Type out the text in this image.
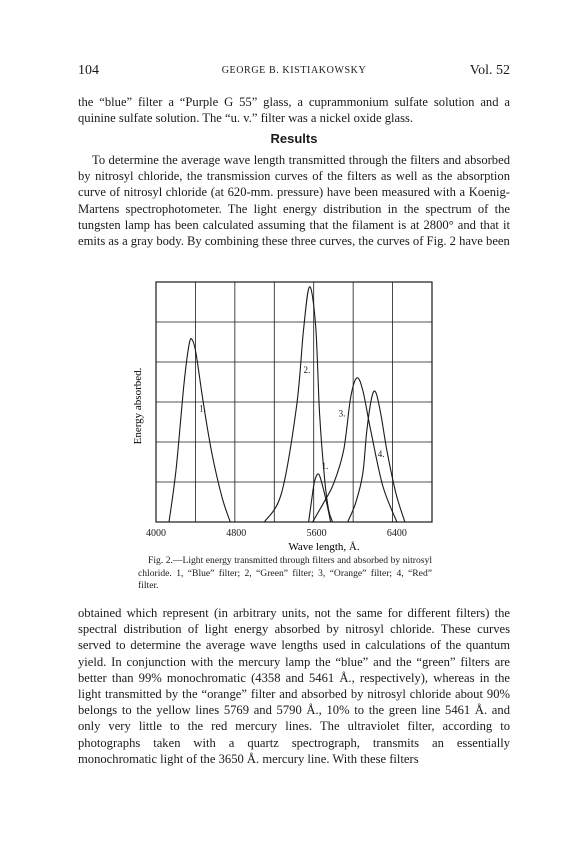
104	GEORGE B. KISTIAKOWSKY	Vol. 52

the “blue” filter a “Purple G 55” glass, a cuprammonium sulfate solution and a quinine sulfate solution. The “u. v.” filter was a nickel oxide glass.

Results

To determine the average wave length transmitted through the filters and absorbed by nitrosyl chloride, the transmission curves of the filters as well as the absorption curve of nitrosyl chloride (at 620-mm. pressure) have been measured with a Koenig-Martens spectrophotometer. The light energy distribution in the spectrum of the tungsten lamp has been calculated assuming that the filament is at 2800° and that it emits as a gray body. By combining these three curves, the curves of Fig. 2 have been

4000	4800	5600	6400
1.
2.
3.
4.
1.
Energy absorbed.
Wave length, Å.
Fig. 2.—Light energy transmitted through filters and absorbed by nitrosyl chloride. 1, “Blue” filter; 2, “Green” filter; 3, “Orange” filter; 4, “Red” filter.

obtained which represent (in arbitrary units, not the same for different filters) the spectral distribution of light energy absorbed by nitrosyl chloride. These curves served to determine the average wave lengths used in calculations of the quantum yield. In conjunction with the mercury lamp the “blue” and the “green” filters are better than 99% monochromatic (4358 and 5461 Å., respectively), whereas in the light transmitted by the “orange” filter and absorbed by nitrosyl chloride about 90% belongs to the yellow lines 5769 and 5790 Å., 10% to the green line 5461 Å. and only very little to the red mercury lines. The ultraviolet filter, according to photographs taken with a quartz spectrograph, transmits an essentially monochromatic light of the 3650 Å. mercury line. With these filters
